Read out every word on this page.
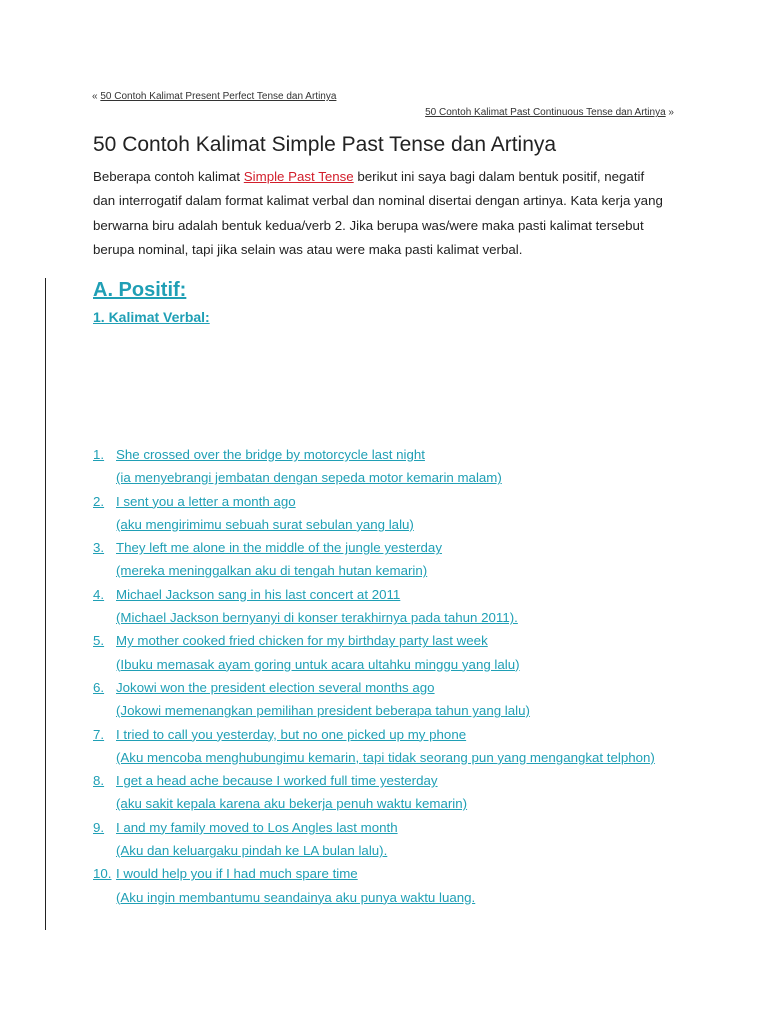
« 50 Contoh Kalimat Present Perfect Tense dan Artinya
50 Contoh Kalimat Past Continuous Tense dan Artinya »
50 Contoh Kalimat Simple Past Tense dan Artinya

Beberapa contoh kalimat Simple Past Tense berikut ini saya bagi dalam bentuk positif, negatif dan interrogatif dalam format kalimat verbal dan nominal disertai dengan artinya. Kata kerja yang berwarna biru adalah bentuk kedua/verb 2. Jika berupa was/were maka pasti kalimat tersebut berupa nominal, tapi jika selain was atau were maka pasti kalimat verbal.

A. Positif:
1. Kalimat Verbal:
1. She crossed over the bridge by motorcycle last night
(ia menyebrangi jembatan dengan sepeda motor kemarin malam)
2. I sent you a letter a month ago
(aku mengirimimu sebuah surat sebulan yang lalu)
3. They left me alone in the middle of the jungle yesterday
(mereka meninggalkan aku di tengah hutan kemarin)
4. Michael Jackson sang in his last concert at 2011
(Michael Jackson bernyanyi di konser terakhirnya pada tahun 2011).
5. My mother cooked fried chicken for my birthday party last week
(Ibuku memasak ayam goring untuk acara ultahku minggu yang lalu)
6. Jokowi won the president election several months ago
(Jokowi memenangkan pemilihan president beberapa tahun yang lalu)
7. I tried to call you yesterday, but no one picked up my phone
(Aku mencoba menghubungimu kemarin, tapi tidak seorang pun yang mengangkat telphon)
8. I get a head ache because I worked full time yesterday
(aku sakit kepala karena aku bekerja penuh waktu kemarin)
9. I and my family moved to Los Angles last month
(Aku dan keluargaku pindah ke LA bulan lalu).
10. I would help you if I had much spare time
(Aku ingin membantumu seandainya aku punya waktu luang.
